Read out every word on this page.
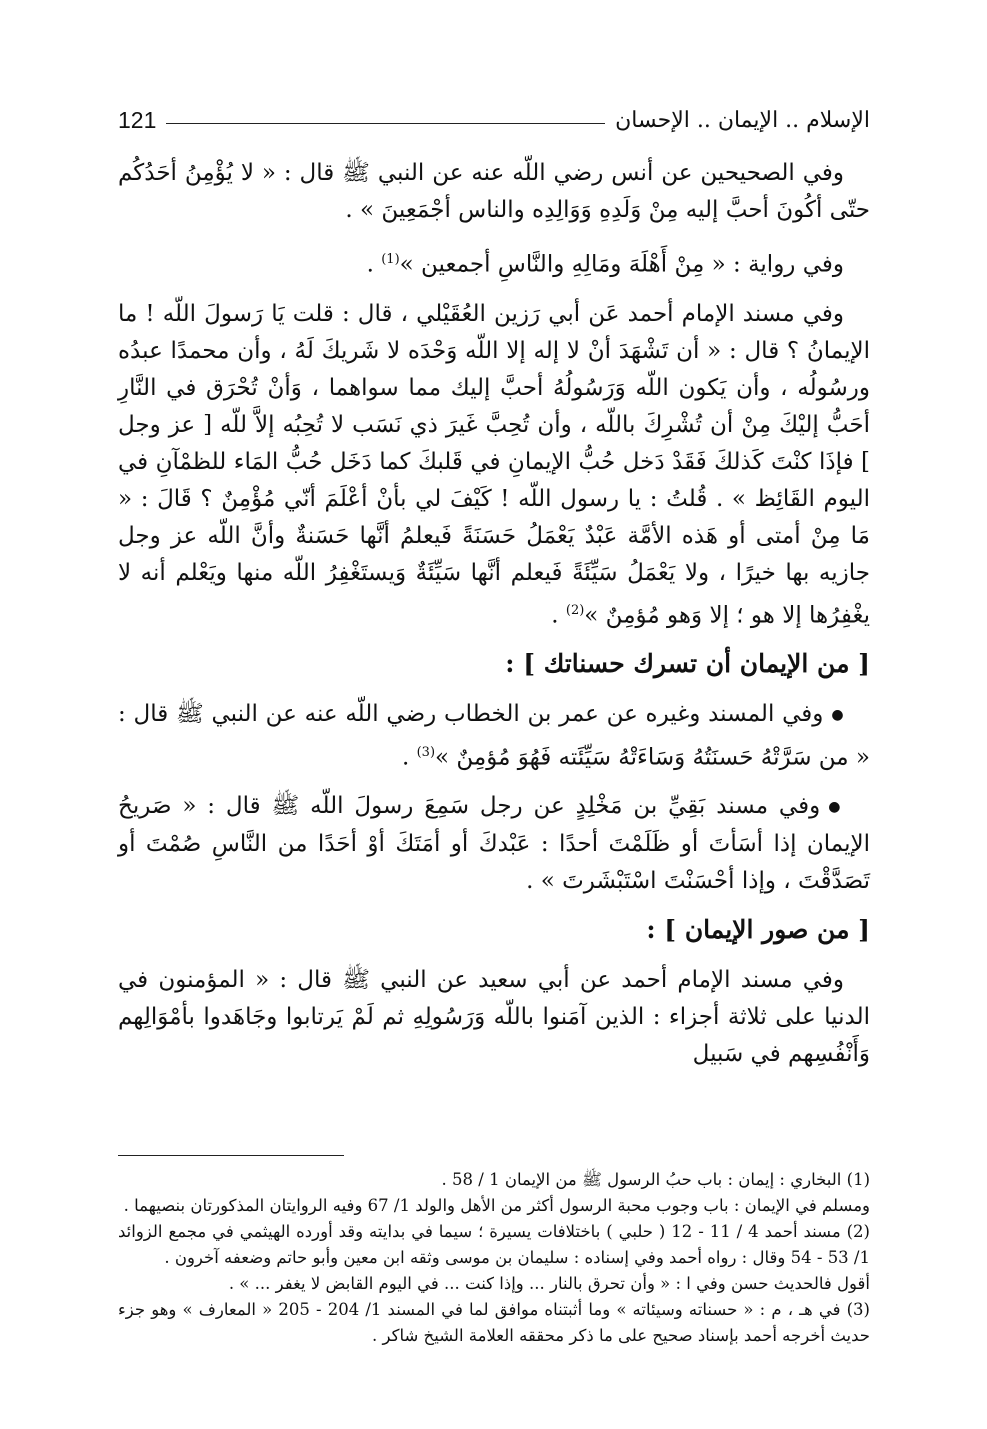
الإسلام .. الإيمان .. الإحسان
121

وفي الصحيحين عن أنس رضي اللّه عنه عن النبي ﷺ قال : « لا يُؤْمِنُ أحَدُكُم حتّى أكُونَ أحبَّ إليه مِنْ وَلَدِهِ وَوَالِدِه والناس أجْمَعِينَ » .

وفي رواية : « مِنْ أَهْلَهَ ومَالِهِ والنَّاسِ أجمعين »$^{(1)}$ .

وفي مسند الإمام أحمد عَن أبي رَزين العُقَيْلي ، قال : قلت يَا رَسولَ اللّه ! ما الإيمانُ ؟ قال : « أن تَشْهَدَ أنْ لا إله إلا اللّه وَحْدَه لا شَريكَ لَهُ ، وأن محمدًا عبدُه ورسُولُه ، وأن يَكون اللّه وَرَسُولُهُ أحبَّ إليك مما سواهما ، وَأنْ تُحْرَق في النَّارِ أحَبُّ إليْكَ مِنْ أن تُشْرِكَ باللّه ، وأن تُحِبَّ غَيرَ ذي نَسَب لا تُحِبُه إلاَّ للّه [ عز وجل ] فإذَا كنْتَ كَذلكَ فَقَدْ دَخل حُبُّ الإيمانِ في قَلبكَ كما دَخَل حُبُّ المَاء للظمْآنِ في اليوم القَائِظ » . قُلتُ : يا رسول اللّه ! كَيْفَ لي بأنْ أعْلَمَ أنّي مُؤْمِنٌ ؟ قَالَ : « مَا مِنْ أمتى أو هَذه الأمَّة عَبْدٌ يَعْمَلُ حَسَنَةً فَيعلمُ أنَّها حَسَنةٌ وأنَّ اللّه عز وجل جازيه بها خيرًا ، ولا يَعْمَلُ سَيِّئَةً فَيعلم أنَّها سَيِّئَةٌ وَيستَغْفِرُ اللّه منها ويَعْلم أنه لا يغْفِرُها إلا هو ؛ إلا وَهو مُؤمِنٌ »$^{(2)}$ .

[ من الإيمان أن تسرك حسناتك ] :

● وفي المسند وغيره عن عمر بن الخطاب رضي اللّه عنه عن النبي ﷺ قال : « من سَرَّتْهُ حَسنَتُهُ وَسَاءَتْهُ سَيِّئَته فَهُوَ مُؤمِنٌ »$^{(3)}$ .

● وفي مسند بَقِيِّ بن مَخْلِدٍ عن رجل سَمِعَ رسولَ اللّه ﷺ قال : « صَريحُ الإيمان إذا أسَأتَ أو ظَلَمْتَ أحدًا : عَبْدكَ أو أمَتَكَ أوْ أحَدًا من النَّاسِ صُمْتَ أو تَصَدَّقْتَ ، وإذا أحْسَنْتَ اسْتَبْشَرتَ » .

[ من صور الإيمان ] :

وفي مسند الإمام أحمد عن أبي سعيد عن النبي ﷺ قال : « المؤمنون في الدنيا على ثلاثة أجزاء : الذين آمَنوا باللّه وَرَسُولِهِ ثم لَمْ يَرتابوا وجَاهَدوا بأمْوَالِهم وَأَنْفُسِهم في سَبيل

(1) البخاري : إيمان : باب حبُ الرسول ﷺ من الإيمان 1 / 58 .

ومسلم في الإيمان : باب وجوب محبة الرسول أكثر من الأهل والولد 1/ 67 وفيه الروايتان المذكورتان بنصيهما .

(2) مسند أحمد 4 / 11 - 12 ( حلبي ) باختلافات يسيرة ؛ سيما في بدايته وقد أورده الهيثمي في مجمع الزوائد 1/ 53 - 54 وقال : رواه أحمد وفي إسناده : سليمان بن موسى وثقه ابن معين وأبو حاتم وضعفه آخرون .

أقول فالحديث حسن وفي ا : « وأن تحرق بالنار ... وإذا كنت ... في اليوم القابض لا يغفر ... » .

(3) في هـ ، م : « حسناته وسيئاته » وما أثبتناه موافق لما في المسند 1/ 204 - 205 « المعارف » وهو جزء حديث أخرجه أحمد بإسناد صحيح على ما ذكر محققه العلامة الشيخ شاكر .
